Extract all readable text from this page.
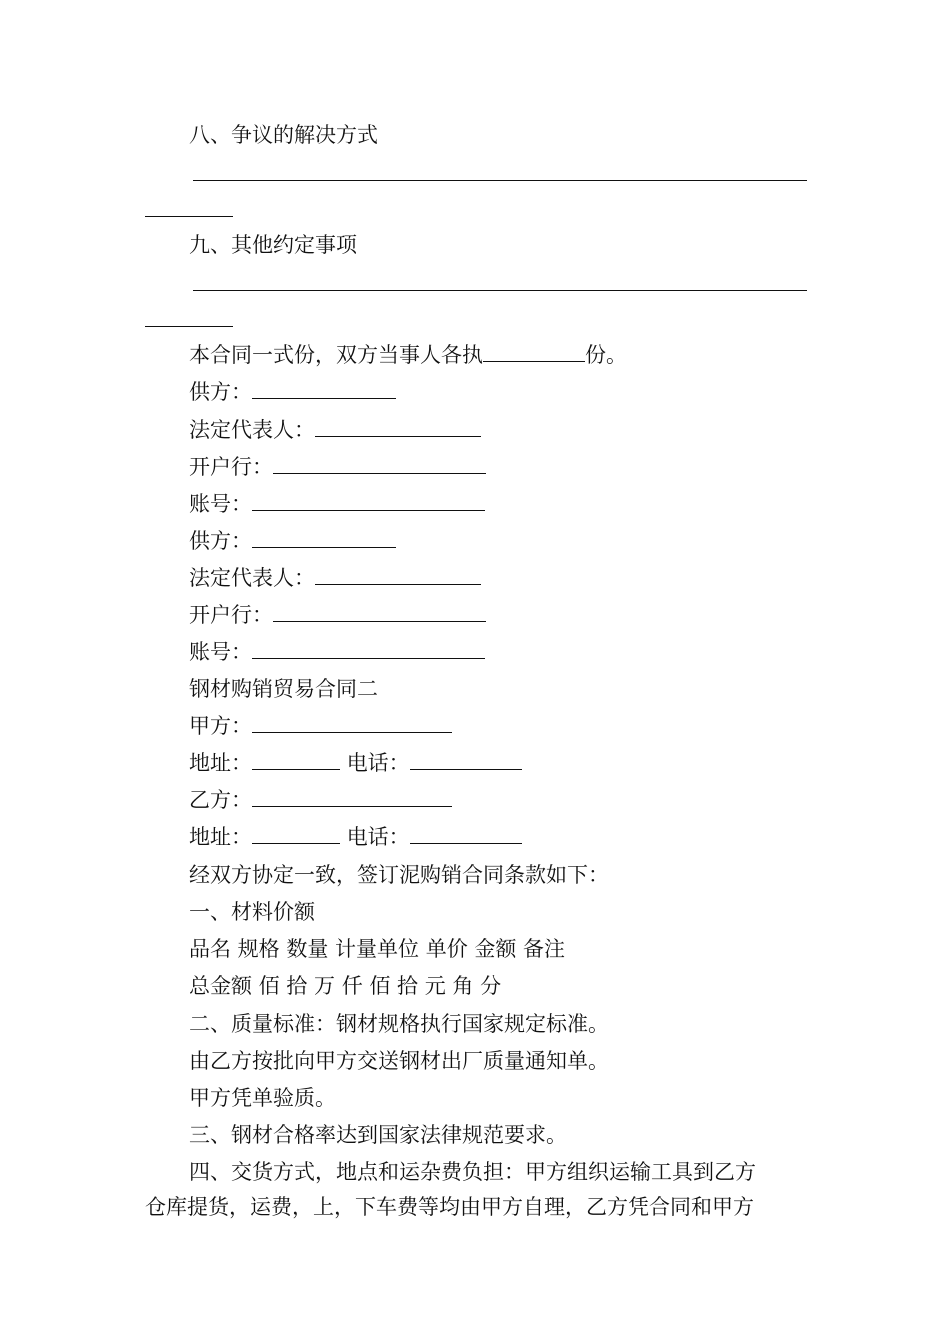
八、争议的解决方式
九、其他约定事项
本合同一式份，双方当事人各执	份。
供方：
法定代表人：
开户行：
账号：
供方：
法定代表人：
开户行：
账号：
钢材购销贸易合同二
甲方：
地址：	电话：
乙方：
地址：	电话：
经双方协定一致，签订泥购销合同条款如下：
一、材料价额
品名 规格 数量 计量单位 单价 金额 备注
总金额 佰 拾 万 仟 佰 拾 元 角 分
二、质量标准：钢材规格执行国家规定标准。
由乙方按批向甲方交送钢材出厂质量通知单。
甲方凭单验质。
三、钢材合格率达到国家法律规范要求。
四、交货方式，地点和运杂费负担：甲方组织运输工具到乙方
仓库提货，运费，上，下车费等均由甲方自理，乙方凭合同和甲方
